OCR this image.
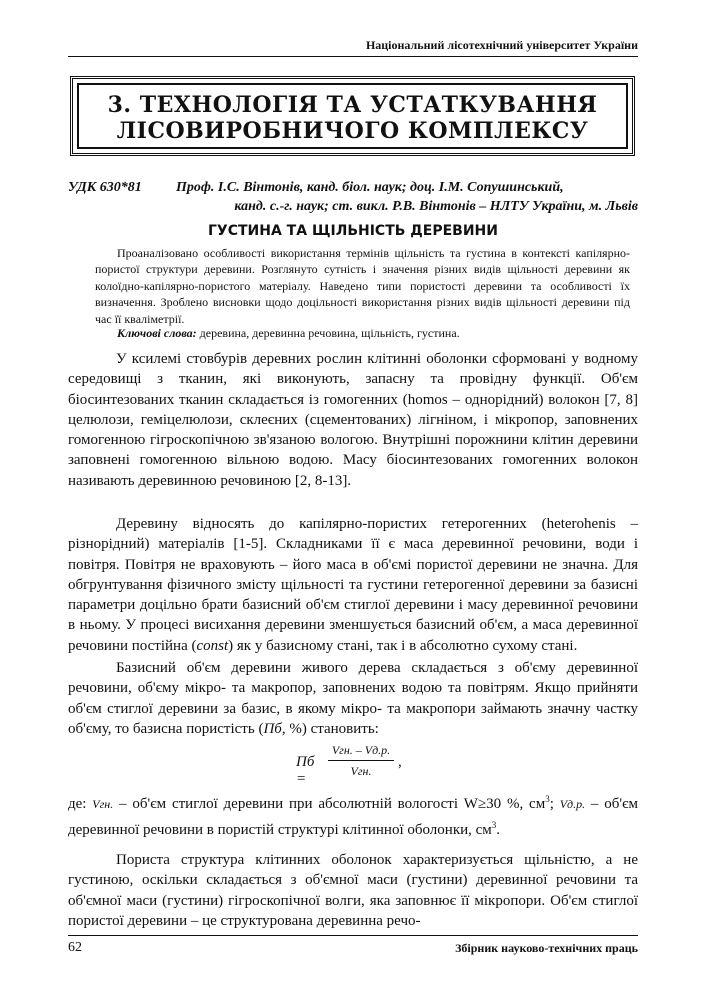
Національний лісотехнічний університет України
3. ТЕХНОЛОГІЯ ТА УСТАТКУВАННЯ
ЛІСОВИРОБНИЧОГО КОМПЛЕКСУ
УДК 630*81 Проф. І.С. Вінтонів, канд. біол. наук; доц. І.М. Сопушинський,
канд. с.-г. наук; ст. викл. Р.В. Вінтонів – НЛТУ України, м. Львів
ГУСТИНА ТА ЩІЛЬНІСТЬ ДЕРЕВИНИ
Проаналізовано особливості використання термінів щільність та густина в контексті капілярно-пористої структури деревини. Розглянуто сутність і значення різних видів щільності деревини як колоїдно-капілярно-пористого матеріалу. Наведено типи пористості деревини та особливості їх визначення. Зроблено висновки щодо доцільності використання різних видів щільності деревини під час її кваліметрії.
Ключові слова: деревина, деревинна речовина, щільність, густина.

У ксилемі стовбурів деревних рослин клітинні оболонки сформовані у водному середовищі з тканин, які виконують, запасну та провідну функції. Об'єм біосинтезованих тканин складається із гомогенних (homos – однорідний) волокон [7, 8] целюлози, геміцелюлози, склеєних (сцементованих) лігніном, і мікропор, заповнених гомогенною гігроскопічною зв'язаною вологою. Внутрішні порожнини клітин деревини заповнені гомогенною вільною водою. Масу біосинтезованих гомогенних волокон називають деревинною речовиною [2, 8-13].

Деревину відносять до капілярно-пористих гетерогенних (heterohenis –різнорідний) матеріалів [1-5]. Складниками її є маса деревинної речовини, води і повітря. Повітря не враховують – його маса в об'ємі пористої деревини не значна. Для обгрунтування фізичного змісту щільності та густини гетерогенної деревини за базисні параметри доцільно брати базисний об'єм стиглої деревини і масу деревинної речовини в ньому. У процесі висихання деревини зменшується базисний об'єм, а маса деревинної речовини постійна (const) як у базисному стані, так і в абсолютно сухому стані.

Базисний об'єм деревини живого дерева складається з об'єму деревинної речовини, об'єму мікро- та макропор, заповнених водою та повітрям. Якщо прийняти об'єм стиглої деревини за базис, в якому мікро- та макропори займають значну частку об'єму, то базисна пористість (Пб, %) становить:

Пб =
Vгн. – Vд.р.
Vгн.
,

де: Vгн. – об'єм стиглої деревини при абсолютній вологості W≥30 %, $см^3$; Vд.р. – об'єм деревинної речовини в пористій структурі клітинної оболонки, $см^3$.

Пориста структура клітинних оболонок характеризується щільністю, а не густиною, оскільки складається з об'ємної маси (густини) деревинної речовини та об'ємної маси (густини) гігроскопічної волги, яка заповнює її мікропори. Об'єм стиглої пористої деревини – це структурована деревинна речо-

62	Збірник науково-технічних праць
